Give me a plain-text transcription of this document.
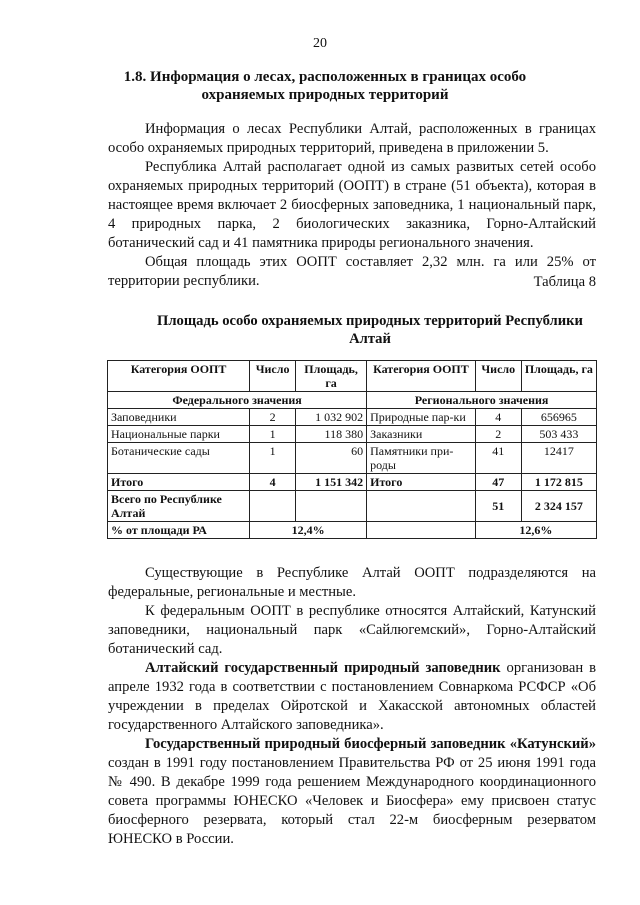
20
1.8. Информация о лесах, расположенных в границах особо
охраняемых природных территорий

Информация о лесах Республики Алтай, расположенных в границах особо охраняемых природных территорий, приведена в приложении 5.

Республика Алтай располагает одной из самых развитых сетей особо охраняемых природных территорий (ООПТ) в стране (51 объекта), которая в настоящее время включает 2 биосферных заповедника, 1 национальный парк, 4 природных парка, 2 биологических заказника, Горно-Алтайский ботанический сад и 41 памятника природы регионального значения.

Общая площадь этих ООПТ составляет 2,32 млн. га или 25% от территории республики.	Таблица 8
Площадь особо охраняемых природных территорий Республики
Алтай
Категория ООПТ	Число	Площадь, га	Категория ООПТ	Число	Площадь, га
Федерального значения			Регионального значения		
Заповедники	2	1 032 902	Природные пар-ки	4	656965
Национальные парки	1	118 380	Заказники	2	503 433
Ботанические сады	1	60	Памятники при-роды	41	12417
Итого	4	1 151 342	Итого	47	1 172 815
Всего по Республике Алтай				51	2 324 157
% от площади РА	12,4%			12,6%	

Существующие в Республике Алтай ООПТ подразделяются на федеральные, региональные и местные.

К федеральным ООПТ в республике относятся Алтайский, Катунский заповедники, национальный парк «Сайлюгемский», Горно-Алтайский ботанический сад.

Алтайский государственный природный заповедник организован в апреле 1932 года в соответствии с постановлением Совнаркома РСФСР «Об учреждении в пределах Ойротской и Хакасской автономных областей государственного Алтайского заповедника».

Государственный природный биосферный заповедник «Катунский» создан в 1991 году постановлением Правительства РФ от 25 июня 1991 года № 490. В декабре 1999 года решением Международного координационного совета программы ЮНЕСКО «Человек и Биосфера» ему присвоен статус биосферного резервата, который стал 22-м биосферным резерватом ЮНЕСКО в России.
